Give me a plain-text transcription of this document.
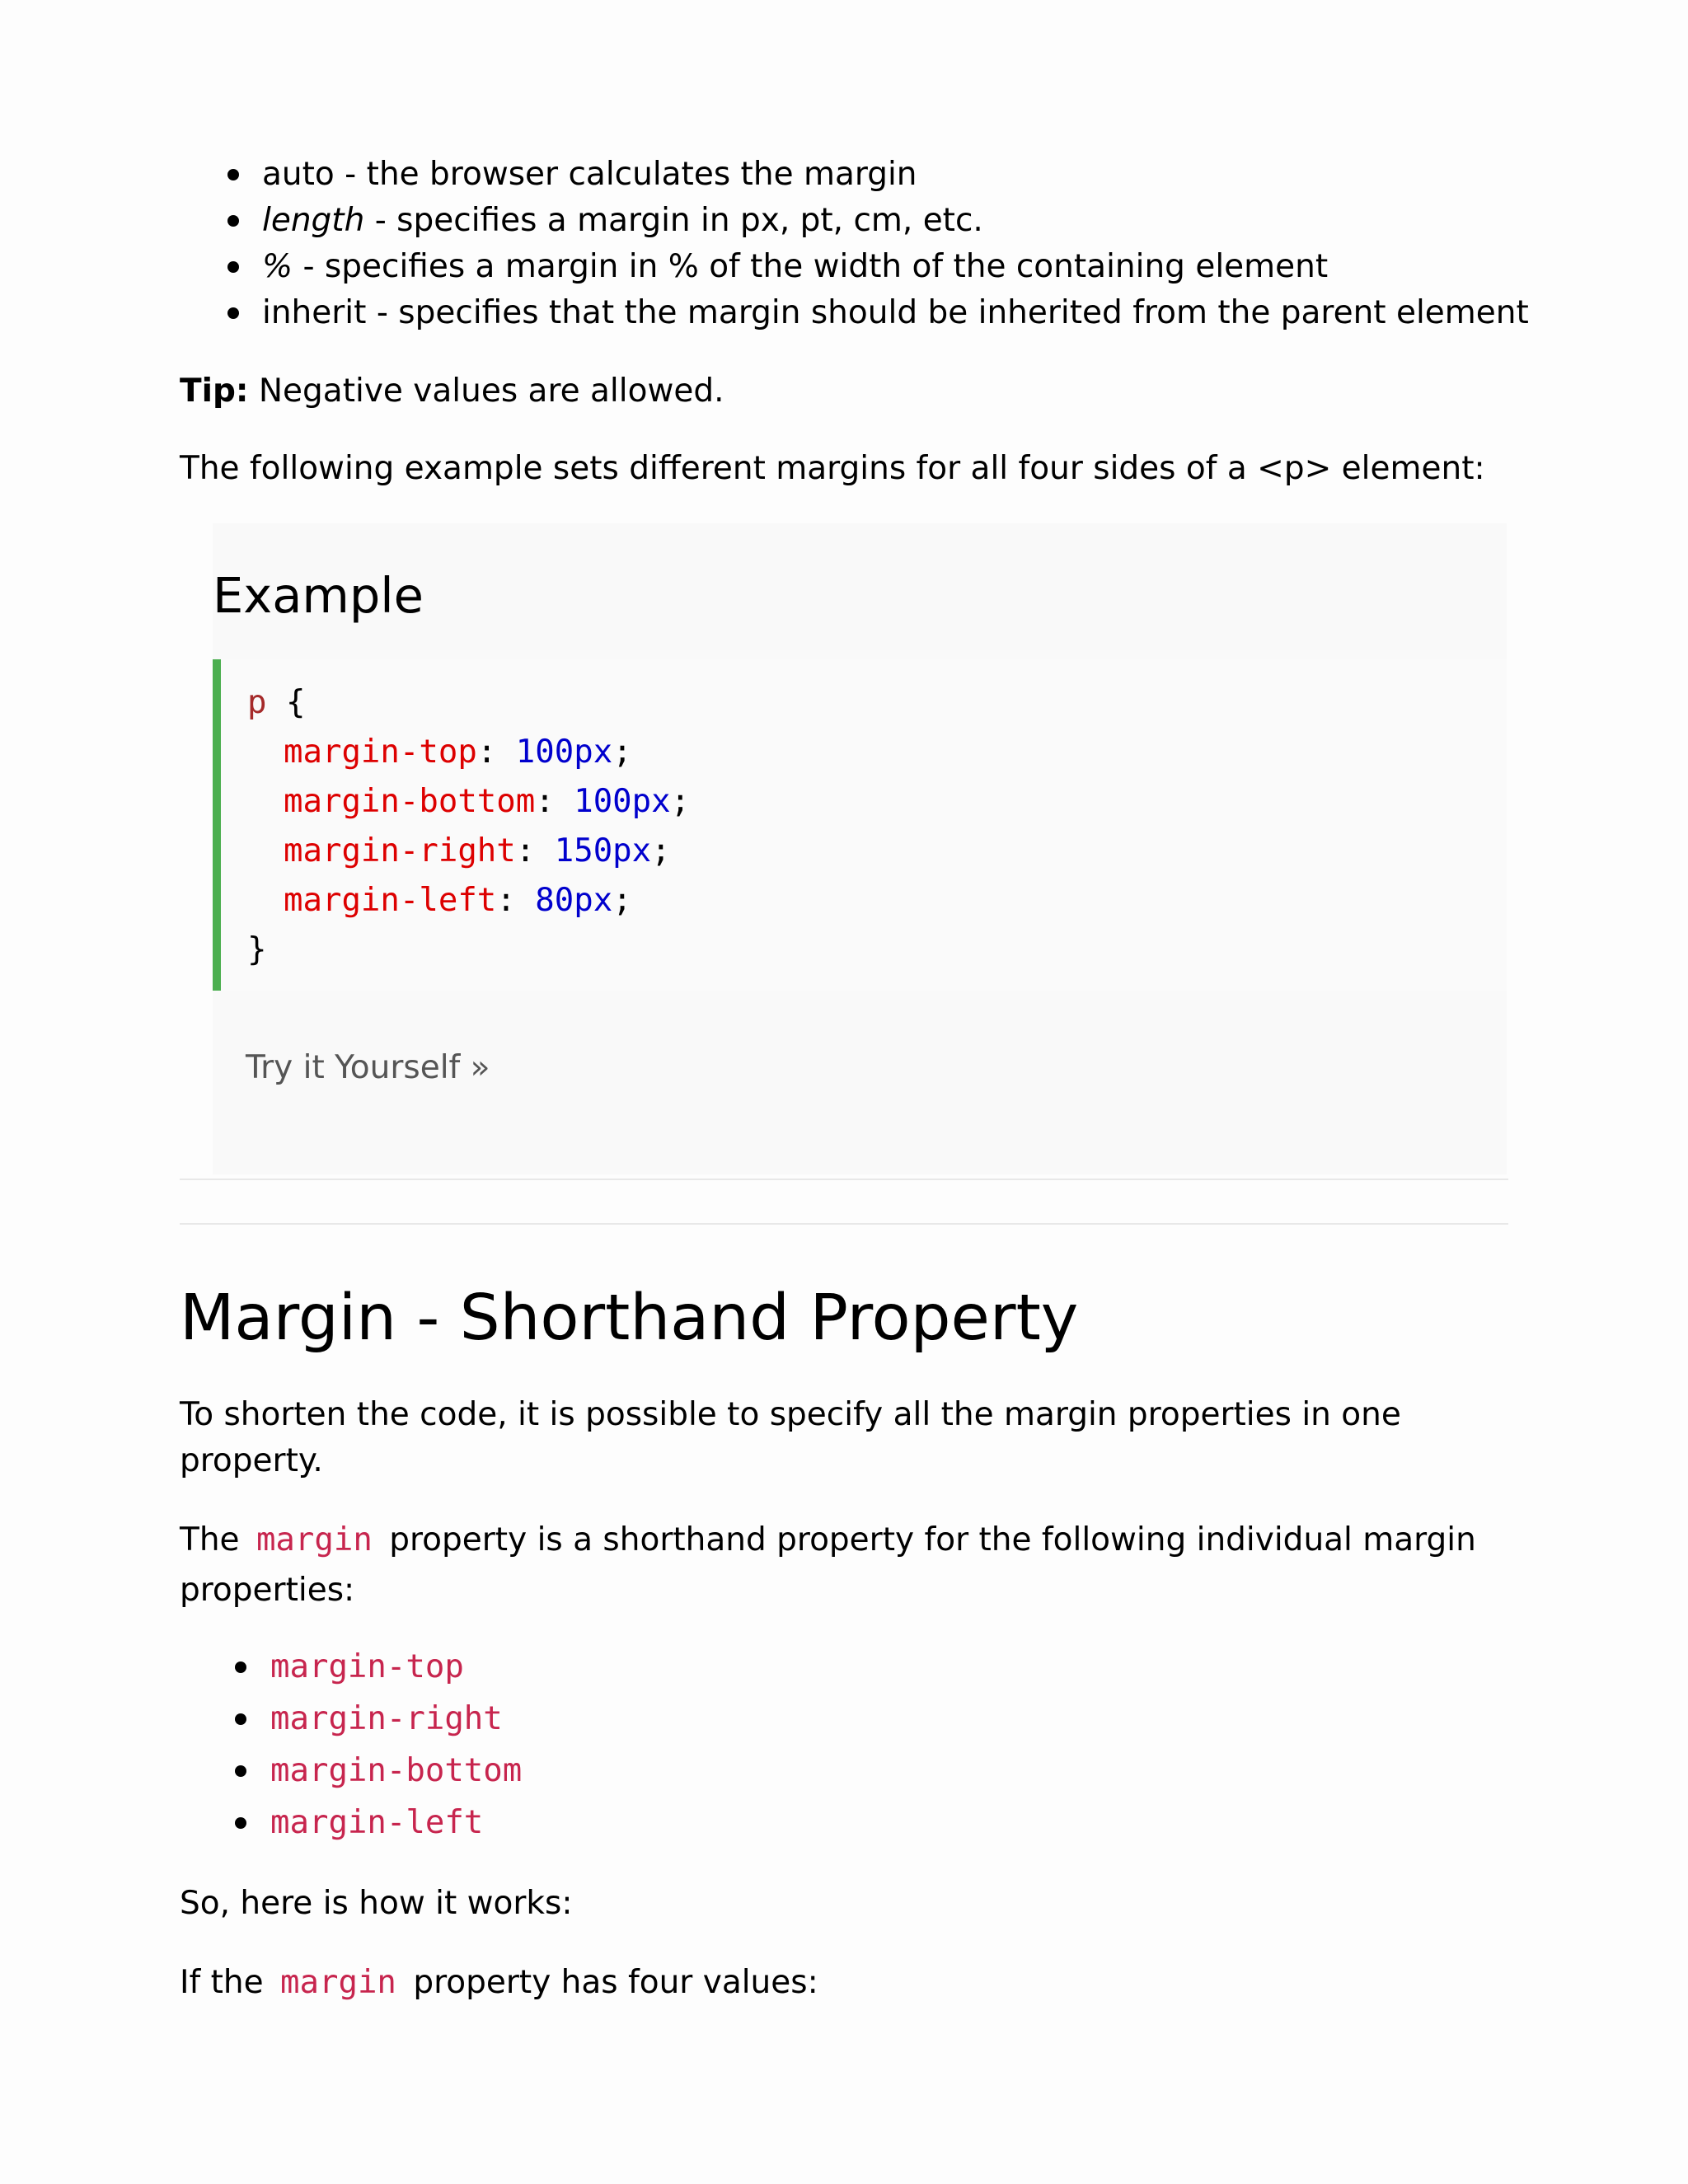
auto - the browser calculates the margin
length - specifies a margin in px, pt, cm, etc.
% - specifies a margin in % of the width of the containing element
inherit - specifies that the margin should be inherited from the parent element
Tip: Negative values are allowed.
The following example sets different margins for all four sides of a <p> element:
Example
p {
margin-top: 100px;
margin-bottom: 100px;
margin-right: 150px;
margin-left: 80px;
}
Try it Yourself »
Margin - Shorthand Property
To shorten the code, it is possible to specify all the margin properties in one
property.
The margin property is a shorthand property for the following individual margin
properties:
margin-top
margin-right
margin-bottom
margin-left
So, here is how it works:
If the margin property has four values:
